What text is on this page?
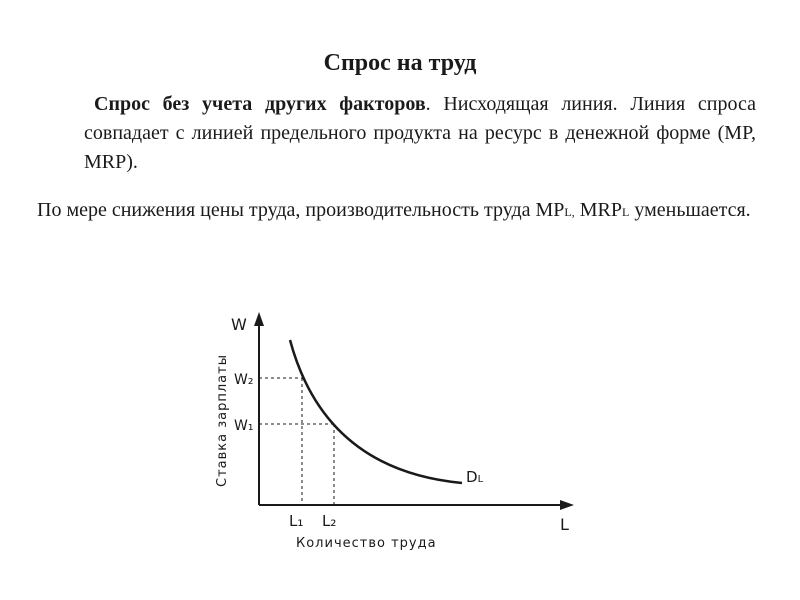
Спрос на труд
Спрос без учета других факторов. Нисходящая линия. Линия спроса совпадает с линией предельного продукта на ресурс в денежной форме (MP, MRP).
По мере снижения цены труда, производительность труда MPL, MRPL уменьшается.
W
L
W₂
W₁
L₁ L₂
DL
Количество труда
Ставка зарплаты
